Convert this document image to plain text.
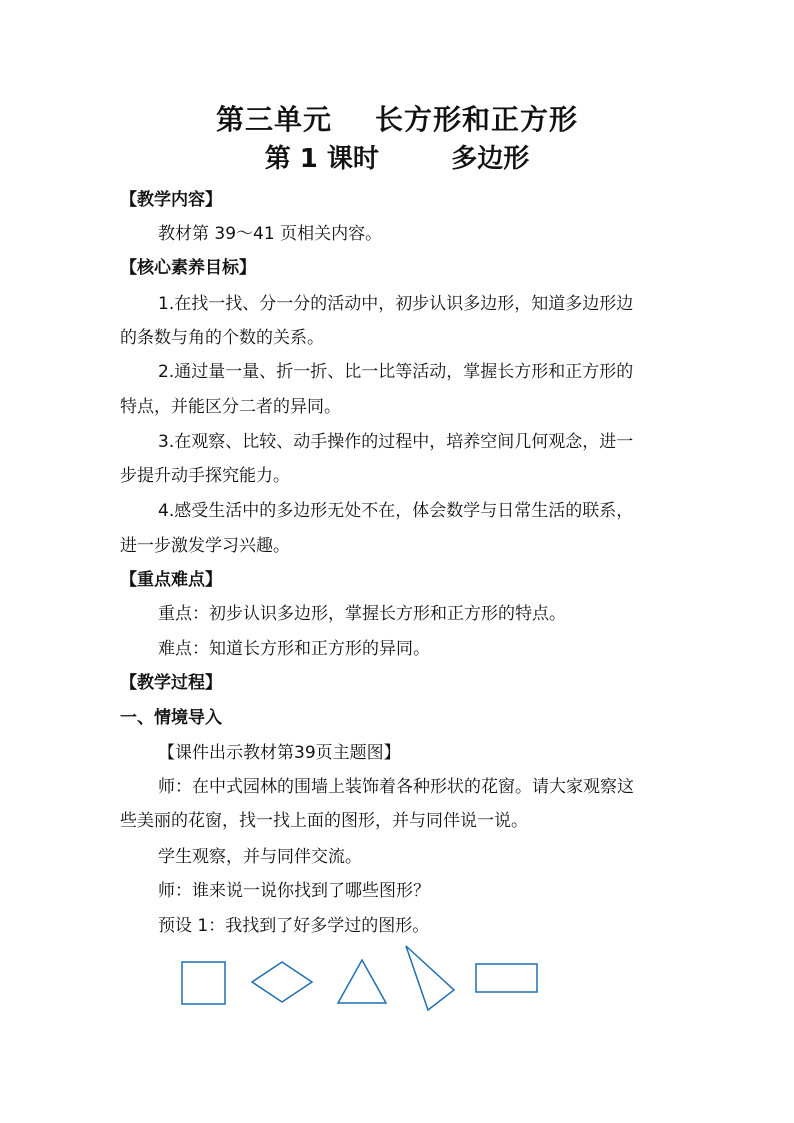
第三单元    长方形和正方形
第 1 课时        多边形
【教学内容】
教材第 39～41 页相关内容。
【核心素养目标】
1.在找一找、分一分的活动中，初步认识多边形，知道多边形边
的条数与角的个数的关系。
2.通过量一量、折一折、比一比等活动，掌握长方形和正方形的
特点，并能区分二者的异同。
3.在观察、比较、动手操作的过程中，培养空间几何观念，进一
步提升动手探究能力。
4.感受生活中的多边形无处不在，体会数学与日常生活的联系，
进一步激发学习兴趣。
【重点难点】
重点：初步认识多边形，掌握长方形和正方形的特点。
难点：知道长方形和正方形的异同。
【教学过程】
一、情境导入
【课件出示教材第39页主题图】
师：在中式园林的围墙上装饰着各种形状的花窗。请大家观察这
些美丽的花窗，找一找上面的图形，并与同伴说一说。
学生观察，并与同伴交流。
师：谁来说一说你找到了哪些图形？
预设 1：我找到了好多学过的图形。
